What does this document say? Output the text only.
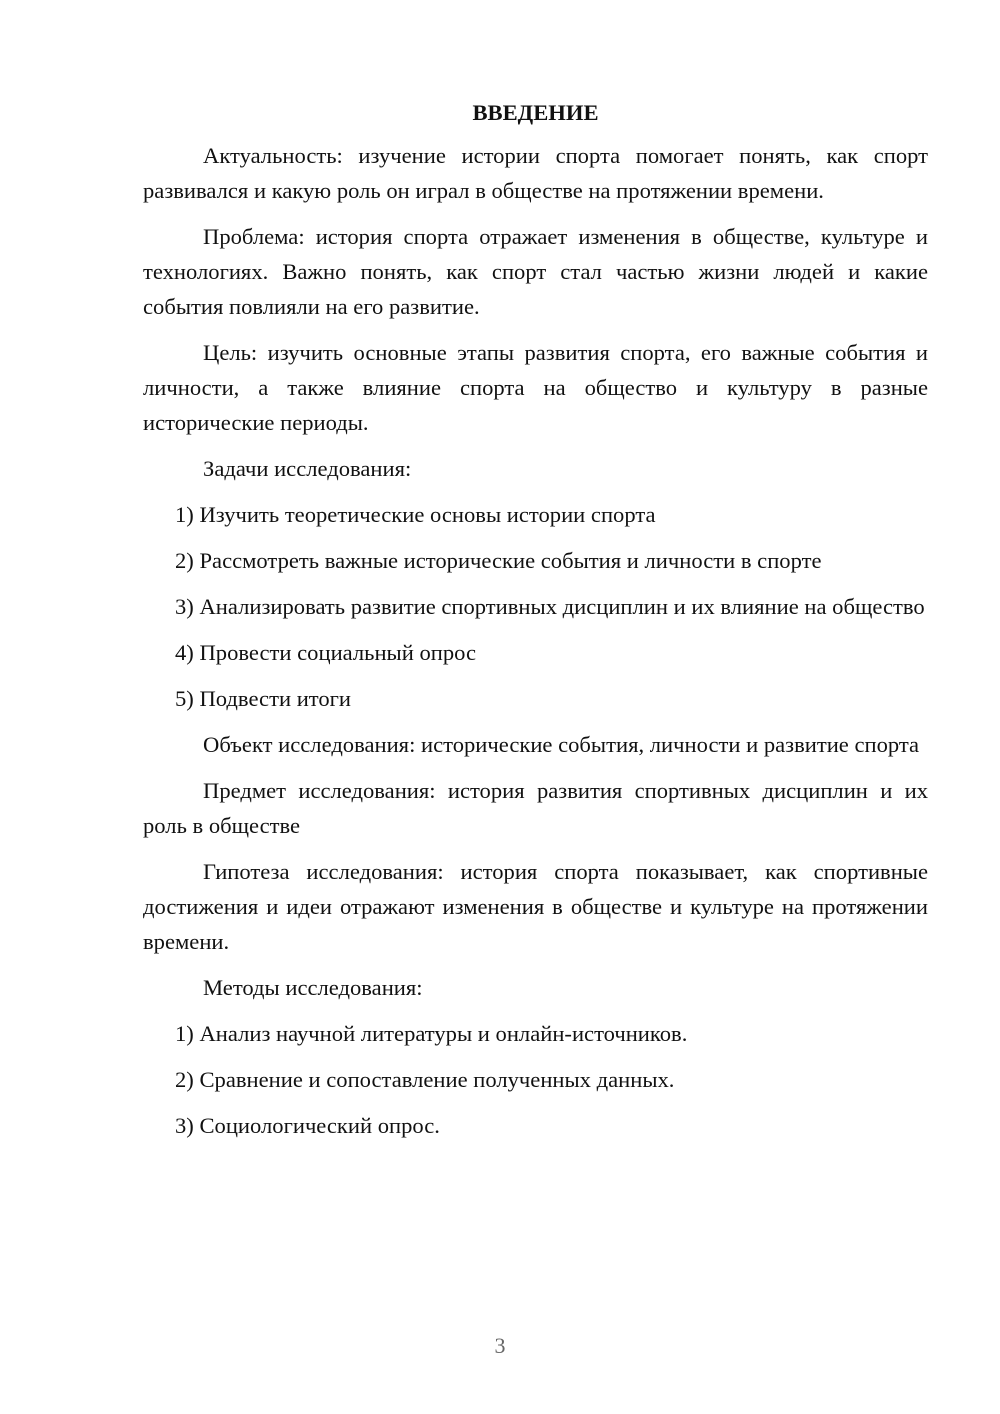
ВВЕДЕНИЕ

Актуальность: изучение истории спорта помогает понять, как спорт развивался и какую роль он играл в обществе на протяжении времени.

Проблема: история спорта отражает изменения в обществе, культуре и технологиях. Важно понять, как спорт стал частью жизни людей и какие события повлияли на его развитие.

Цель: изучить основные этапы развития спорта, его важные события и личности, а также влияние спорта на общество и культуру в разные исторические периоды.

Задачи исследования:

1) Изучить теоретические основы истории спорта

2) Рассмотреть важные исторические события и личности в спорте

3) Анализировать развитие спортивных дисциплин и их влияние на общество

4) Провести социальный опрос

5) Подвести итоги

Объект исследования: исторические события, личности и развитие спорта

Предмет исследования: история развития спортивных дисциплин и их роль в обществе

Гипотеза исследования: история спорта показывает, как спортивные достижения и идеи отражают изменения в обществе и культуре на протяжении времени.

Методы исследования:

1) Анализ научной литературы и онлайн-источников.

2) Сравнение и сопоставление полученных данных.

3) Социологический опрос.

3
